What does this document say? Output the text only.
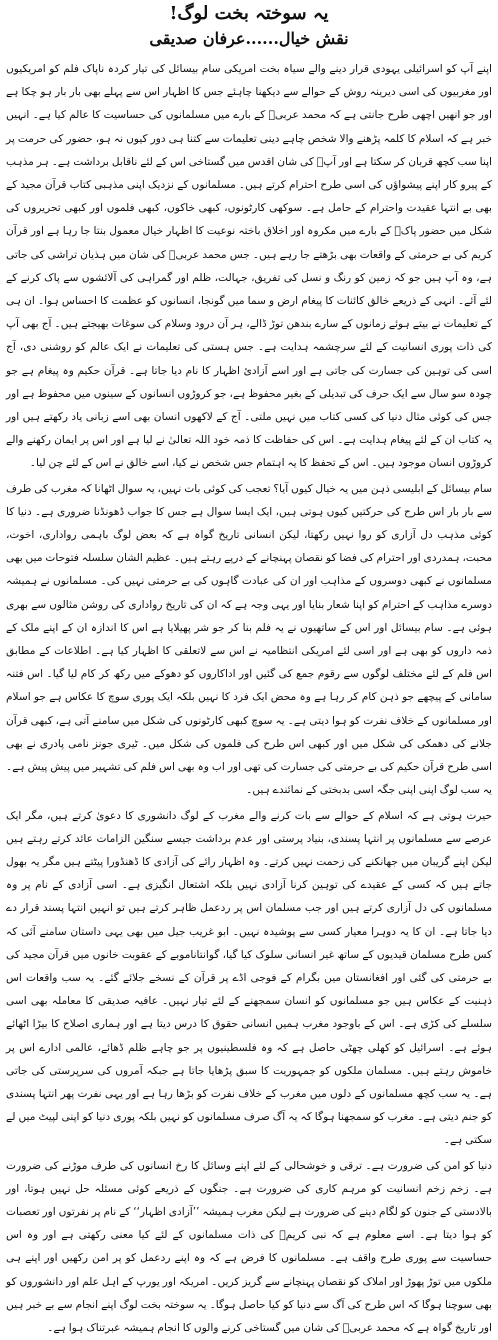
یہ سوختہ بخت لوگ!
نقش خیال......عرفان صدیقی

اپنے آپ کو اسرائیلی یہودی قرار دینے والے سیاہ بخت امریکی سام بیسائل کی تیار کردہ ناپاک فلم کو امریکیوں اور مغربیوں کی اسی دیرینہ روش کے حوالے سے دیکھنا چاہئے جس کا اظہار اس سے پہلے بھی بار بار ہو چکا ہے اور جو انھیں اچھی طرح جانتی ہے کہ محمد عربیؐ کے بارے میں مسلمانوں کی حساسیت کا عالم کیا ہے۔ انہیں خبر ہے کہ اسلام کا کلمہ پڑھنے والا شخص چاہے دینی تعلیمات سے کتنا ہی دور کیوں نہ ہو، حضور کی حرمت پر اپنا سب کچھ قربان کر سکتا ہے اور آپؐ کی شان اقدس میں گستاخی اس کے لئے ناقابل برداشت ہے۔ ہر مذہب کے پیرو کار اپنے پیشواؤں کی اسی طرح احترام کرتے ہیں۔ مسلمانوں کے نزدیک اپنی مذہبی کتاب قرآن مجید کے بھی بے انتہا عقیدت واحترام کے حامل ہے۔ سوکھی کارٹونوں، کبھی خاکوں، کبھی فلموں اور کبھی تحریروں کی شکل میں حضور پاکؐ کے بارے میں مکروہ اور اخلاق باختہ نوعیت کا اظہار خیال معمول بنتا جا رہا ہے اور قرآن کریم کی بے حرمتی کے واقعات بھی بڑھتے جا رہے ہیں۔ جس محمد عربیؐ کی شان میں ہذیان تراشی کی جاتی ہے، وہ آپ ہیں جو کہ زمین کو رنگ و نسل کی تفریق، جہالت، ظلم اور گمراہی کی آلائشوں سے پاک کرنے کے لئے آئے۔ انہی کے ذریعے خالق کائنات کا پیغام ارض و سما میں گونجا، انسانوں کو عظمت کا احساس ہوا۔ ان ہی کے تعلیمات نے بیتے ہوئے زمانوں کے سارے بندھن توڑ ڈالے، ہر آن درود وسلام کی سوغات بھیجتے ہیں۔ آج بھی آپ کی ذات پوری انسانیت کے لئے سرچشمہ ہدایت ہے۔ جس ہستی کی تعلیمات نے ایک عالم کو روشنی دی، آج اسی کی توہین کی جسارت کی جاتی ہے اور اسے آزادیٔ اظہار کا نام دیا جاتا ہے۔ قرآن حکیم وہ پیغام ہے جو چودہ سو سال سے ایک حرف کی تبدیلی کے بغیر محفوظ ہے، جو کروڑوں انسانوں کے سینوں میں محفوظ ہے اور جس کی کوئی مثال دنیا کی کسی کتاب میں نہیں ملتی۔ آج کے لاکھوں انسان بھی اسے زبانی یاد رکھتے ہیں اور یہ کتاب ان کے لئے پیغام ہدایت ہے۔ اس کی حفاظت کا ذمہ خود اللہ تعالیٰ نے لیا ہے اور اس پر ایمان رکھنے والے کروڑوں انسان موجود ہیں۔ اس کے تحفظ کا یہ اہتمام جس شخص نے کیا، اسے خالق نے اس کے لئے چن لیا۔

سام بیسائل کے ابلیسی ذہن میں یہ خیال کیوں آیا؟ تعجب کی کوئی بات نہیں، یہ سوال اٹھانا کہ مغرب کی طرف سے بار بار اس طرح کی حرکتیں کیوں ہوتی ہیں، ایک ایسا سوال ہے جس کا جواب ڈھونڈنا ضروری ہے۔ دنیا کا کوئی مذہب دل آزاری کو روا نہیں رکھتا، لیکن انسانی تاریخ گواہ ہے کہ بعض لوگ باہمی رواداری، اخوت، محبت، ہمدردی اور احترام کی فضا کو نقصان پہنچانے کے درپے رہتے ہیں۔ عظیم الشان سلسلہ فتوحات میں بھی مسلمانوں نے کبھی دوسروں کے مذاہب اور ان کی عبادت گاہوں کی بے حرمتی نہیں کی۔ مسلمانوں نے ہمیشہ دوسرے مذاہب کے احترام کو اپنا شعار بنایا اور یہی وجہ ہے کہ ان کی تاریخ رواداری کی روشن مثالوں سے بھری ہوئی ہے۔ سام بیسائل اور اس کے ساتھیوں نے یہ فلم بنا کر جو شر پھیلایا ہے اس کا اندازہ ان کے اپنے ملک کے ذمہ داروں کو بھی ہے اور اسی لئے امریکی انتظامیہ نے اس سے لاتعلقی کا اظہار کیا ہے۔ اطلاعات کے مطابق اس فلم کے لئے مختلف لوگوں سے رقوم جمع کی گئیں اور اداکاروں کو دھوکے میں رکھ کر کام لیا گیا۔ اس فتنہ سامانی کے پیچھے جو ذہن کام کر رہا ہے وہ محض ایک فرد کا نہیں بلکہ ایک پوری سوچ کا عکاس ہے جو اسلام اور مسلمانوں کے خلاف نفرت کو ہوا دیتی ہے۔ یہ سوچ کبھی کارٹونوں کی شکل میں سامنے آتی ہے، کبھی قرآن جلانے کی دھمکی کی شکل میں اور کبھی اس طرح کی فلموں کی شکل میں۔ ٹیری جونز نامی پادری نے بھی اسی طرح قرآن حکیم کی بے حرمتی کی جسارت کی تھی اور اب وہ بھی اس فلم کی تشہیر میں پیش پیش ہے۔ یہ سب لوگ اپنی اپنی جگہ اسی بدبختی کے نمائندے ہیں۔

حیرت ہوتی ہے کہ اسلام کے حوالے سے بات کرنے والے مغرب کے لوگ دانشوری کا دعویٰ کرتے ہیں، مگر ایک عرصے سے مسلمانوں پر انتہا پسندی، بنیاد پرستی اور عدم برداشت جیسے سنگین الزامات عائد کرتے رہتے ہیں لیکن اپنے گریبان میں جھانکنے کی زحمت نہیں کرتے۔ وہ اظہار رائے کی آزادی کا ڈھنڈورا پیٹتے ہیں مگر یہ بھول جاتے ہیں کہ کسی کے عقیدے کی توہین کرنا آزادی نہیں بلکہ اشتعال انگیزی ہے۔ اسی آزادی کے نام پر وہ مسلمانوں کی دل آزاری کرتے ہیں اور جب مسلمان اس پر ردعمل ظاہر کرتے ہیں تو انہیں انتہا پسند قرار دے دیا جاتا ہے۔ ان کا یہ دوہرا معیار کسی سے پوشیدہ نہیں۔ ابو غریب جیل میں بھی یہی داستان سامنے آئی کہ کس طرح مسلمان قیدیوں کے ساتھ غیر انسانی سلوک کیا گیا، گوانتاناموبے کے عقوبت خانوں میں قرآن مجید کی بے حرمتی کی گئی اور افغانستان میں بگرام کے فوجی اڈے پر قرآن کے نسخے جلائے گئے۔ یہ سب واقعات اس ذہنیت کے عکاس ہیں جو مسلمانوں کو انسان سمجھنے کے لئے تیار نہیں۔ عافیہ صدیقی کا معاملہ بھی اسی سلسلے کی کڑی ہے۔ اس کے باوجود مغرب ہمیں انسانی حقوق کا درس دیتا ہے اور ہماری اصلاح کا بیڑا اٹھائے ہوئے ہے۔ اسرائیل کو کھلی چھٹی حاصل ہے کہ وہ فلسطینیوں پر جو چاہے ظلم ڈھائے، عالمی ادارے اس پر خاموش رہتے ہیں۔ مسلمان ملکوں کو جمہوریت کا سبق پڑھایا جاتا ہے جبکہ آمروں کی سرپرستی کی جاتی ہے۔ یہ سب کچھ مسلمانوں کے دلوں میں مغرب کے خلاف نفرت کو بڑھا رہا ہے اور یہی نفرت پھر انتہا پسندی کو جنم دیتی ہے۔ مغرب کو سمجھنا ہوگا کہ یہ آگ صرف مسلمانوں کو نہیں بلکہ پوری دنیا کو اپنی لپیٹ میں لے سکتی ہے۔

دنیا کو امن کی ضرورت ہے۔ ترقی و خوشحالی کے لئے اپنے وسائل کا رخ انسانوں کی طرف موڑنے کی ضرورت ہے۔ زخم زخم انسانیت کو مرہم کاری کی ضرورت ہے۔ جنگوں کے ذریعے کوئی مسئلہ حل نہیں ہوتا، اور بالادستی کے جنون کو لگام دینے کی ضرورت ہے لیکن مغرب ہمیشہ ’’آزادی اظہار‘‘ کے نام پر نفرتوں اور تعصبات کو ہوا دیتا ہے۔ اسے معلوم ہے کہ نبی کریمؐ کی ذات مسلمانوں کے لئے کیا معنی رکھتی ہے اور وہ اس حساسیت سے پوری طرح واقف ہے۔ مسلمانوں کا فرض ہے کہ وہ اپنے ردعمل کو پر امن رکھیں اور اپنے ہی ملکوں میں توڑ پھوڑ اور املاک کو نقصان پہنچانے سے گریز کریں۔ امریکہ اور یورپ کے اہل علم اور دانشوروں کو بھی سوچنا ہوگا کہ اس طرح کی آگ سے دنیا کو کیا حاصل ہوگا۔ یہ سوختہ بخت لوگ اپنے انجام سے بے خبر ہیں اور تاریخ گواہ ہے کہ محمد عربیؐ کی شان میں گستاخی کرنے والوں کا انجام ہمیشہ عبرتناک ہوا ہے۔
